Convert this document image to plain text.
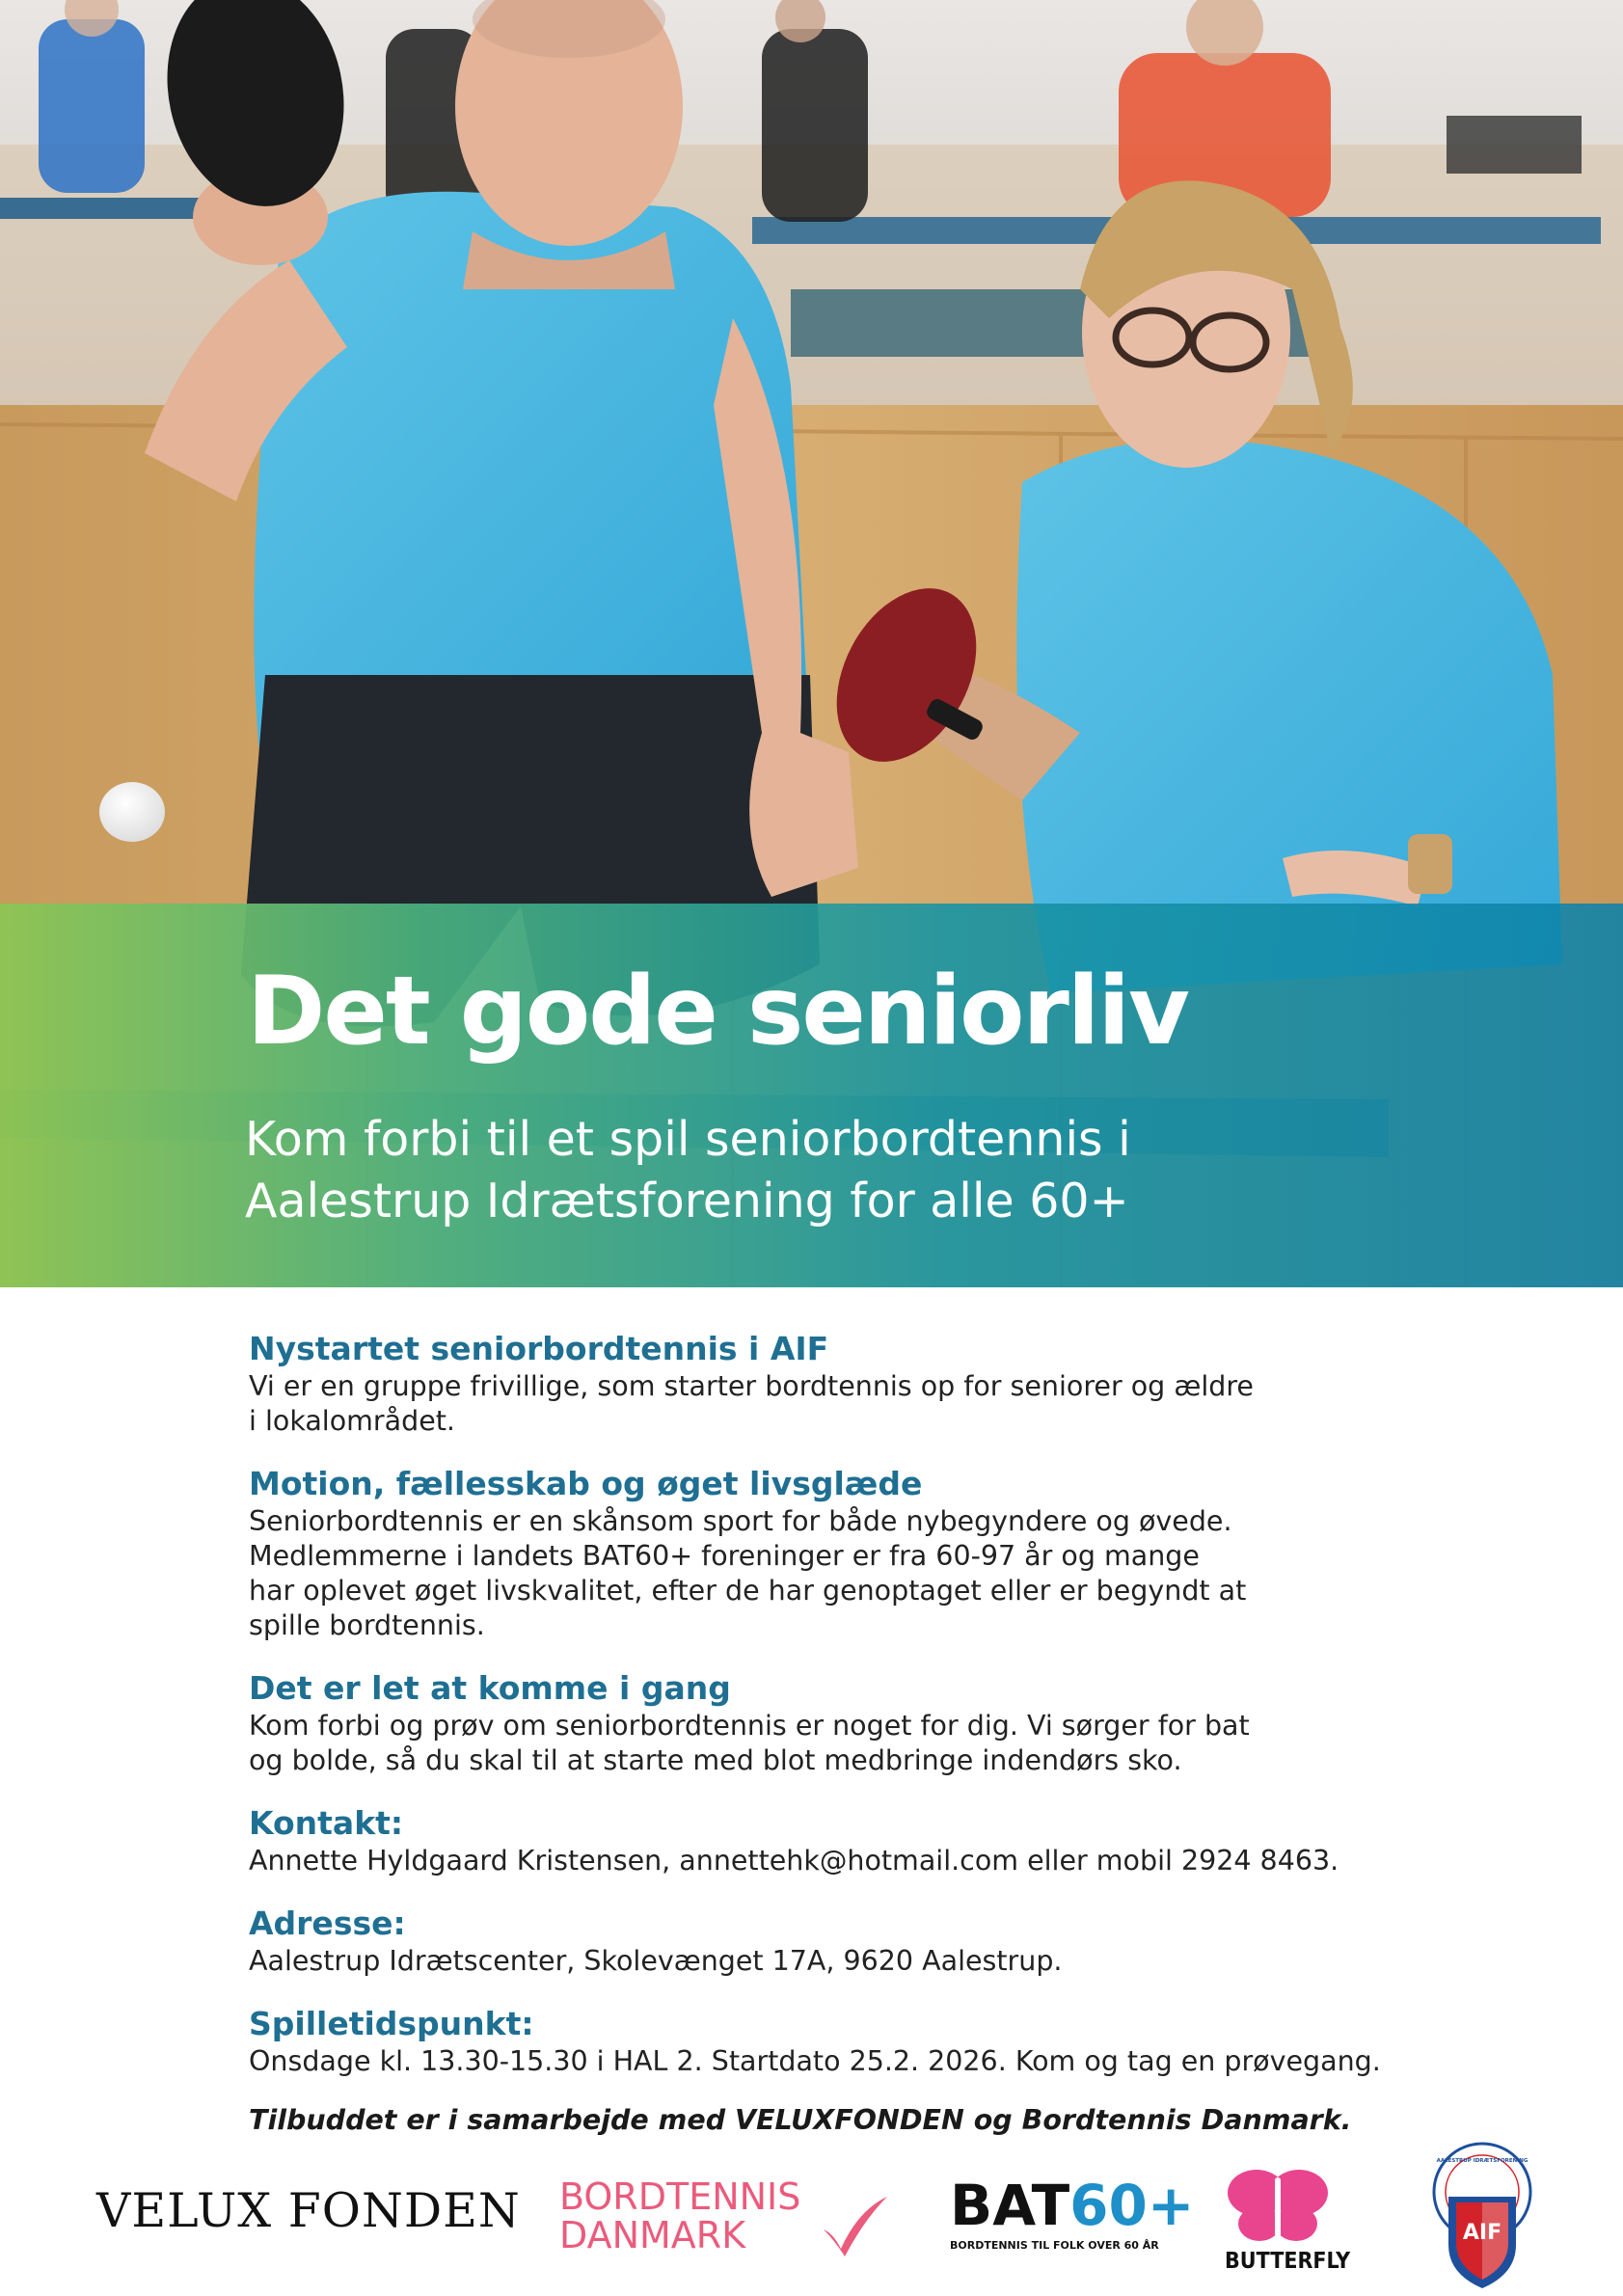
Det gode seniorliv
Kom forbi til et spil seniorbordtennis i
Aalestrup Idrætsforening for alle 60+
Nystartet seniorbordtennis i AIF

Vi er en gruppe frivillige, som starter bordtennis op for seniorer og ældre
i lokalområdet.

Motion, fællesskab og øget livsglæde

Seniorbordtennis er en skånsom sport for både nybegyndere og øvede.
Medlemmerne i landets BAT60+ foreninger er fra 60-97 år og mange
har oplevet øget livskvalitet, efter de har genoptaget eller er begyndt at
spille bordtennis.

Det er let at komme i gang

Kom forbi og prøv om seniorbordtennis er noget for dig. Vi sørger for bat
og bolde, så du skal til at starte med blot medbringe indendørs sko.

Kontakt:

Annette Hyldgaard Kristensen, annettehk@hotmail.com eller mobil 2924 8463.

Adresse:

Aalestrup Idrætscenter, Skolevænget 17A, 9620 Aalestrup.

Spilletidspunkt:

Onsdage kl. 13.30-15.30 i HAL 2. Startdato 25.2. 2026. Kom og tag en prøvegang.

Tilbuddet er i samarbejde med VELUXFONDEN og Bordtennis Danmark.

VELUX FONDEN BORDTENNIS
DANMARK	BAT60+
BORDTENNIS TIL FOLK OVER 60 ÅR
BUTTERFLY
AIF
AALESTRUP IDRÆTSFORENING
